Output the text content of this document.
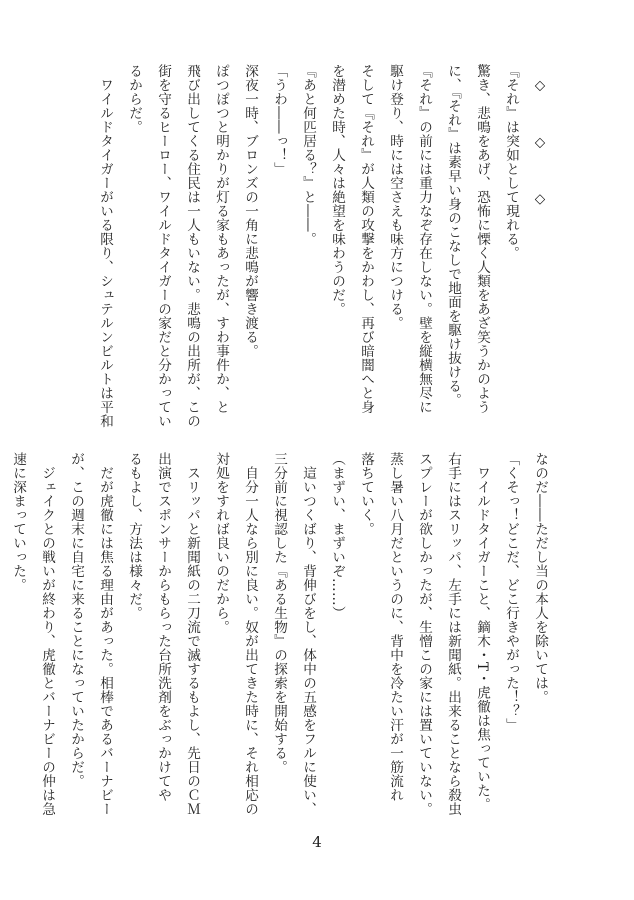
　◇　　　◇　　　◇

『それ』は突如として現れる。

驚き、悲鳴をあげ、恐怖に慄く人類をあざ笑うかのよう

に、『それ』は素早い身のこなしで地面を駆け抜ける。

『それ』の前には重力なぞ存在しない。壁を縦横無尽に

駆け登り、時には空さえも味方につける。

そして『それ』が人類の攻撃をかわし、再び暗闇へと身

を潜めた時、人々は絶望を味わうのだ。

『あと何匹居る？』と――。

「うわ――っ！」

深夜一時、ブロンズの一角に悲鳴が響き渡る。

ぽつぽつと明かりが灯る家もあったが、すわ事件か、と

飛び出してくる住民は一人もいない。悲鳴の出所が、この

街を守るヒーロー、ワイルドタイガーの家だと分かってい

るからだ。

　ワイルドタイガーがいる限り、シュテルンビルトは平和

なのだ――ただし当の本人を除いては。

「くそっ！どこだ、どこ行きやがった！？」

　ワイルドタイガーこと、鏑木・T・虎徹は焦っていた。

右手にはスリッパ、左手には新聞紙。出来ることなら殺虫

スプレーが欲しかったが、生憎この家には置いていない。

蒸し暑い八月だというのに、背中を冷たい汗が一筋流れ

落ちていく。

（まずい、まずいぞ……）

　這いつくばり、背伸びをし、体中の五感をフルに使い、

三分前に視認した『ある生物』の探索を開始する。

　自分一人なら別に良い。奴が出てきた時に、それ相応の

対処をすれば良いのだから。

　スリッパと新聞紙の二刀流で滅するもよし、先日のＣＭ

出演でスポンサーからもらった台所洗剤をぶっかけてや

るもよし、方法は様々だ。

　だが虎徹には焦る理由があった。相棒であるバーナビー

が、この週末に自宅に来ることになっていたからだ。

　ジェイクとの戦いが終わり、虎徹とバーナビーの仲は急

速に深まっていった。

4
